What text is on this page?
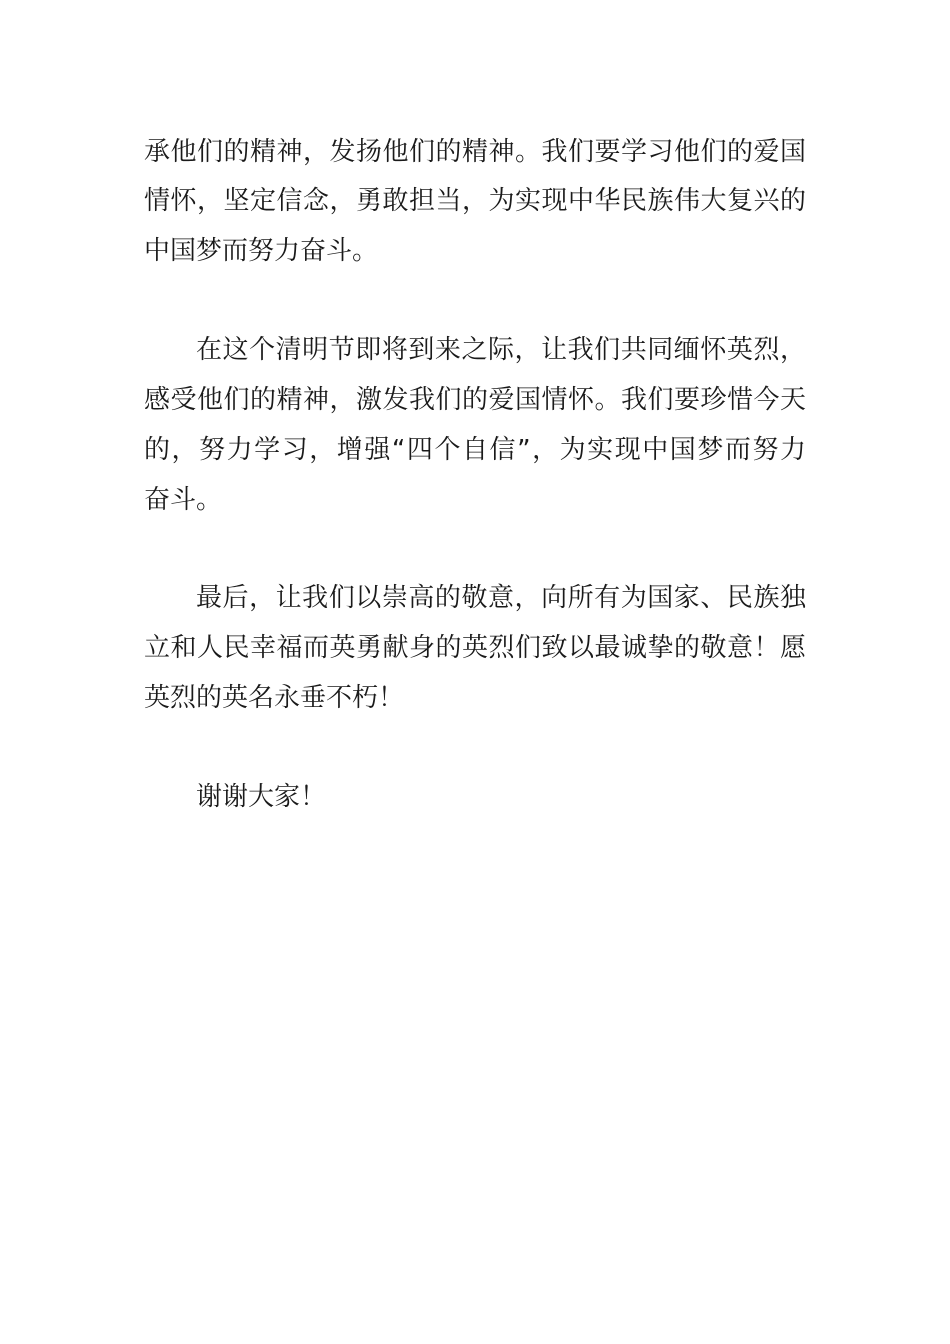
承他们的精神，发扬他们的精神。我们要学习他们的爱国
情怀，坚定信念，勇敢担当，为实现中华民族伟大复兴的
中国梦而努力奋斗。
在这个清明节即将到来之际，让我们共同缅怀英烈，
感受他们的精神，激发我们的爱国情怀。我们要珍惜今天
的，努力学习，增强“四个自信”，为实现中国梦而努力
奋斗。
最后，让我们以崇高的敬意，向所有为国家、民族独
立和人民幸福而英勇献身的英烈们致以最诚挚的敬意！愿
英烈的英名永垂不朽！
谢谢大家！
